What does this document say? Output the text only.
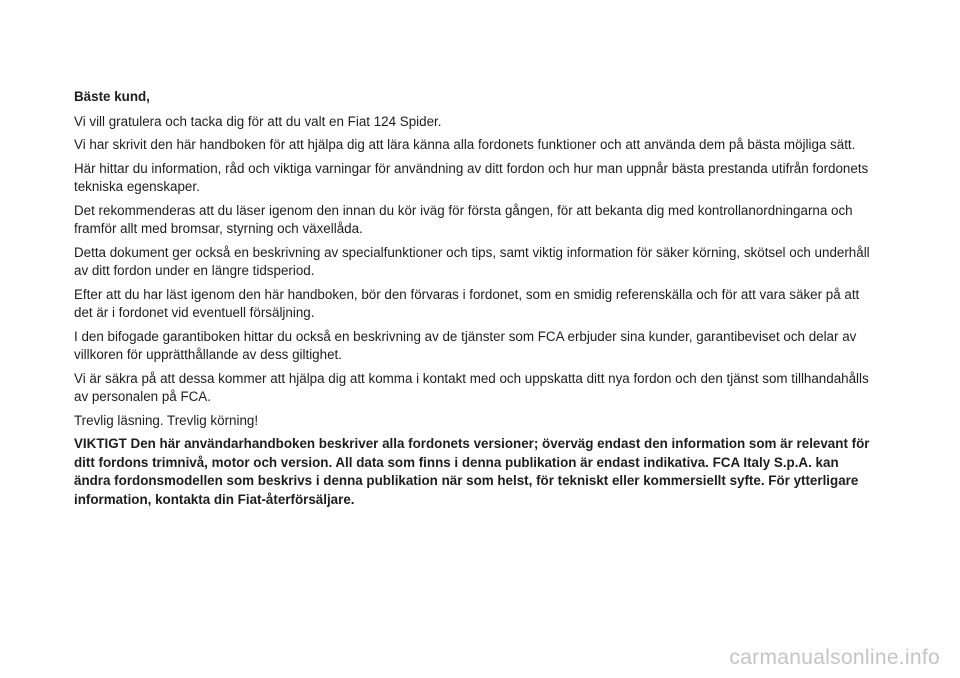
Bäste kund,

Vi vill gratulera och tacka dig för att du valt en Fiat 124 Spider.

Vi har skrivit den här handboken för att hjälpa dig att lära känna alla fordonets funktioner och att använda dem på bästa möjliga sätt.

Här hittar du information, råd och viktiga varningar för användning av ditt fordon och hur man uppnår bästa prestanda utifrån fordonets tekniska egenskaper.

Det rekommenderas att du läser igenom den innan du kör iväg för första gången, för att bekanta dig med kontrollanordningarna och framför allt med bromsar, styrning och växellåda.

Detta dokument ger också en beskrivning av specialfunktioner och tips, samt viktig information för säker körning, skötsel och underhåll av ditt fordon under en längre tidsperiod.

Efter att du har läst igenom den här handboken, bör den förvaras i fordonet, som en smidig referenskälla och för att vara säker på att det är i fordonet vid eventuell försäljning.

I den bifogade garantiboken hittar du också en beskrivning av de tjänster som FCA erbjuder sina kunder, garantibeviset och delar av villkoren för upprätthållande av dess giltighet.

Vi är säkra på att dessa kommer att hjälpa dig att komma i kontakt med och uppskatta ditt nya fordon och den tjänst som tillhandahålls av personalen på FCA.

Trevlig läsning. Trevlig körning!

VIKTIGT Den här användarhandboken beskriver alla fordonets versioner; överväg endast den information som är relevant för ditt fordons trimnivå, motor och version. All data som finns i denna publikation är endast indikativa. FCA Italy S.p.A. kan ändra fordonsmodellen som beskrivs i denna publikation när som helst, för tekniskt eller kommersiellt syfte. För ytterligare information, kontakta din Fiat-återförsäljare.

carmanualsonline.info
